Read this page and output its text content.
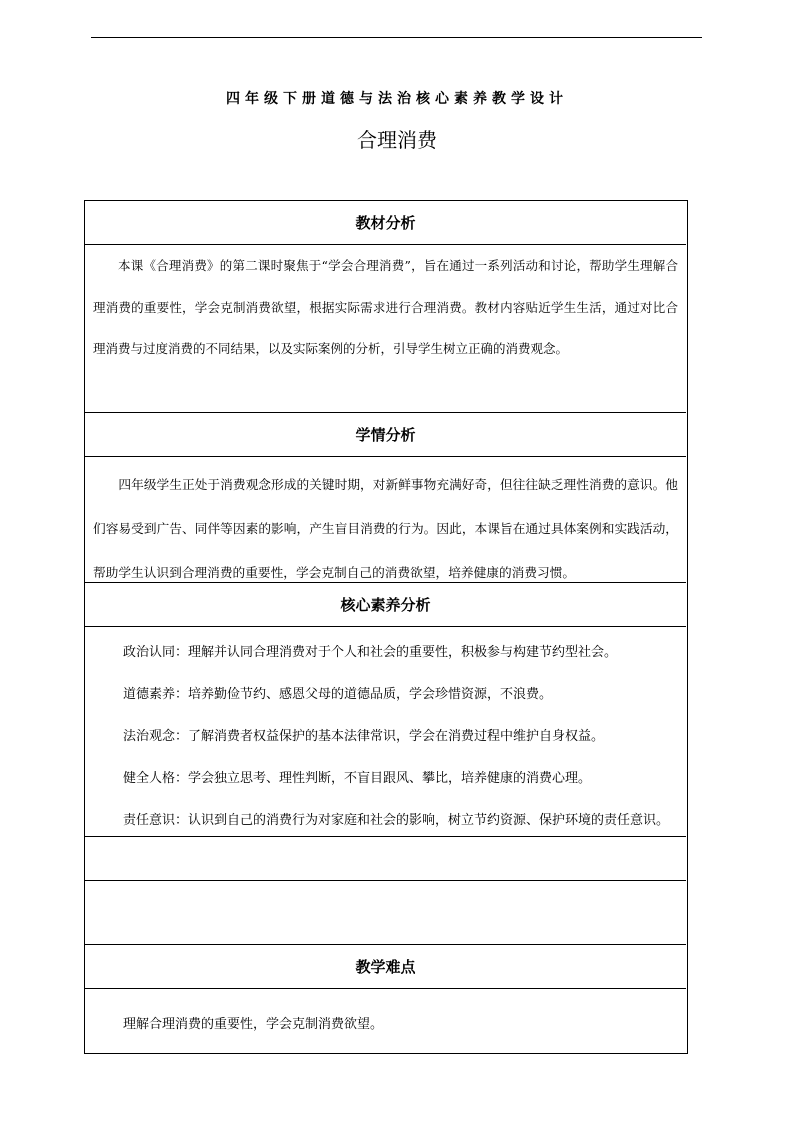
四年级下册道德与法治核心素养教学设计
合理消费
教材分析

本课《合理消费》的第二课时聚焦于“学会合理消费”，旨在通过一系列活动和讨论，帮助学生理解合理消费的重要性，学会克制消费欲望，根据实际需求进行合理消费。教材内容贴近学生生活，通过对比合理消费与过度消费的不同结果，以及实际案例的分析，引导学生树立正确的消费观念。

学情分析

四年级学生正处于消费观念形成的关键时期，对新鲜事物充满好奇，但往往缺乏理性消费的意识。他们容易受到广告、同伴等因素的影响，产生盲目消费的行为。因此，本课旨在通过具体案例和实践活动，帮助学生认识到合理消费的重要性，学会克制自己的消费欲望，培养健康的消费习惯。

核心素养分析
政治认同：理解并认同合理消费对于个人和社会的重要性，积极参与构建节约型社会。
道德素养：培养勤俭节约、感恩父母的道德品质，学会珍惜资源，不浪费。
法治观念：了解消费者权益保护的基本法律常识，学会在消费过程中维护自身权益。
健全人格：学会独立思考、理性判断，不盲目跟风、攀比，培养健康的消费心理。
责任意识：认识到自己的消费行为对家庭和社会的影响，树立节约资源、保护环境的责任意识。
教学难点
理解合理消费的重要性，学会克制消费欲望。
